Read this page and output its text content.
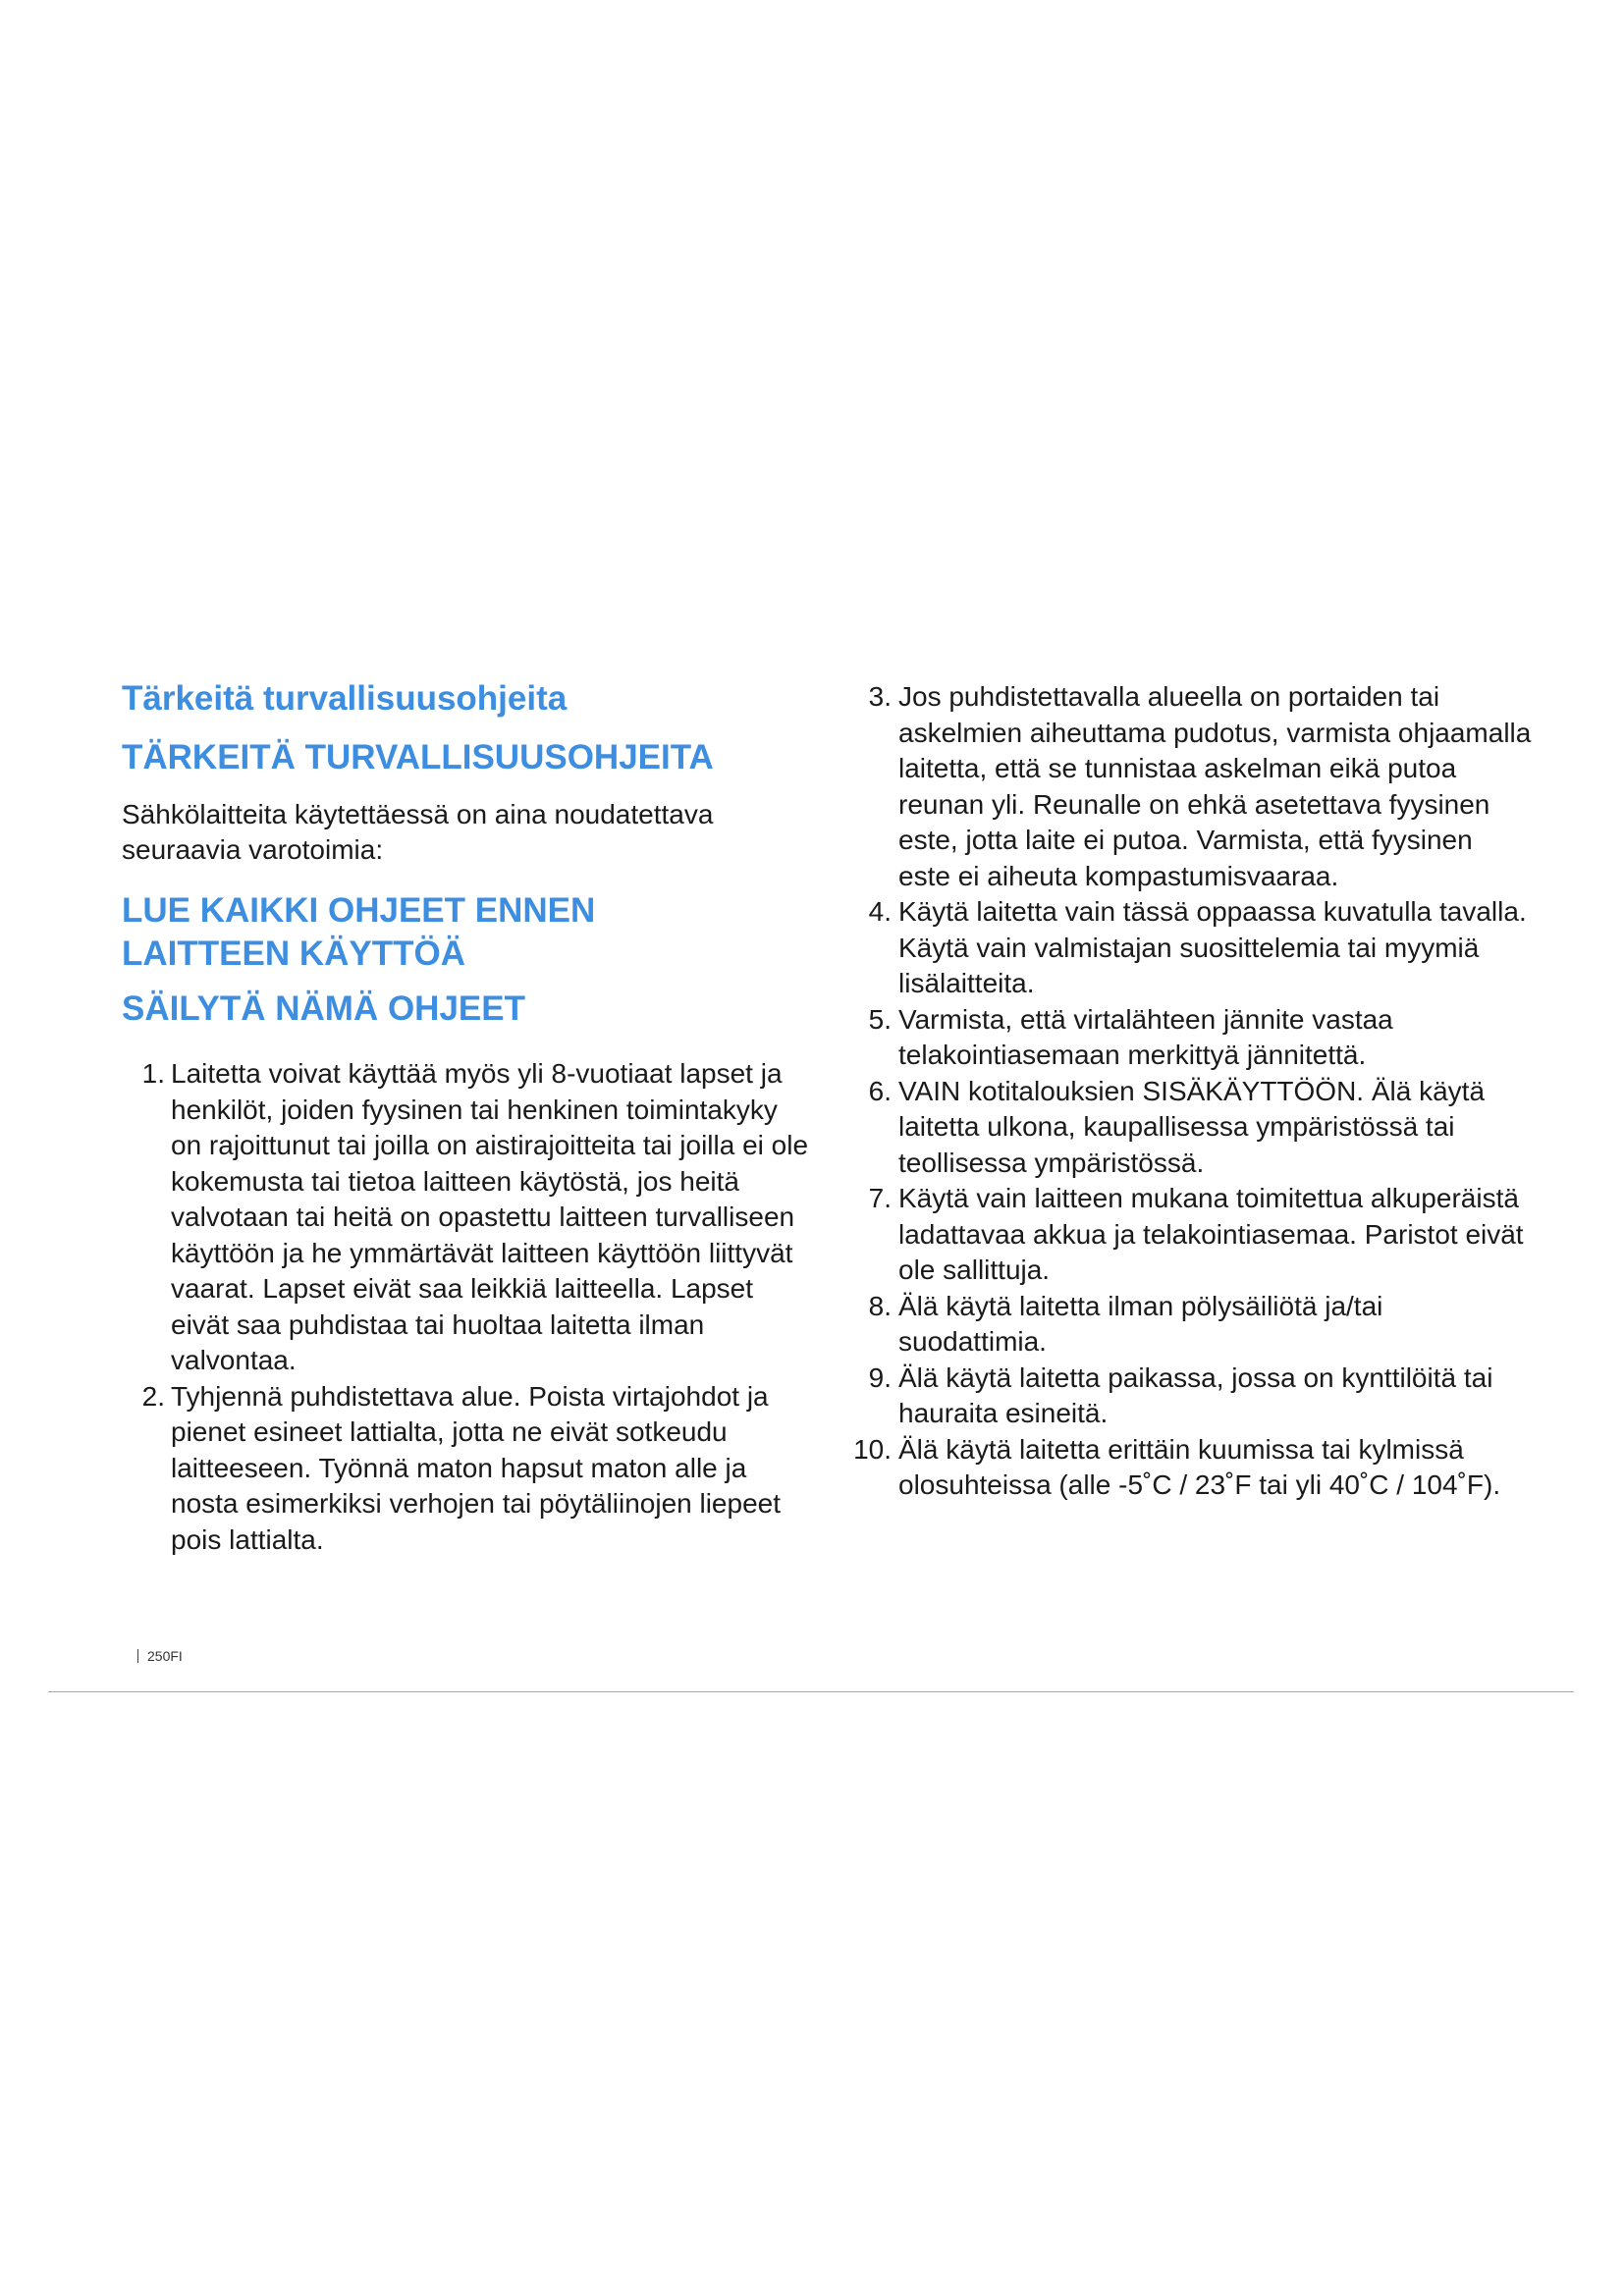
Tärkeitä turvallisuusohjeita
TÄRKEITÄ TURVALLISUUSOHJEITA

Sähkölaitteita käytettäessä on aina noudatettava seuraavia varotoimia:

LUE KAIKKI OHJEET ENNEN
LAITTEEN KÄYTTÖÄ
SÄILYTÄ NÄMÄ OHJEET
1. Laitetta voivat käyttää myös yli 8-vuotiaat lapset ja henkilöt, joiden fyysinen tai henkinen toimintakyky on rajoittunut tai joilla on aistirajoitteita tai joilla ei ole kokemusta tai tietoa laitteen käytöstä, jos heitä valvotaan tai heitä on opastettu laitteen turvalliseen käyttöön ja he ymmärtävät laitteen käyttöön liittyvät vaarat. Lapset eivät saa leikkiä laitteella. Lapset eivät saa puhdistaa tai huoltaa laitetta ilman valvontaa.
2. Tyhjennä puhdistettava alue. Poista virtajohdot ja pienet esineet lattialta, jotta ne eivät sotkeudu laitteeseen. Työnnä maton hapsut maton alle ja nosta esimerkiksi verhojen tai pöytäliinojen liepeet pois lattialta.
3. Jos puhdistettavalla alueella on portaiden tai askelmien aiheuttama pudotus, varmista ohjaamalla laitetta, että se tunnistaa askelman eikä putoa reunan yli. Reunalle on ehkä asetettava fyysinen este, jotta laite ei putoa. Varmista, että fyysinen este ei aiheuta kompastumisvaaraa.
4. Käytä laitetta vain tässä oppaassa kuvatulla tavalla. Käytä vain valmistajan suosittelemia tai myymiä lisälaitteita.
5. Varmista, että virtalähteen jännite vastaa telakointiasemaan merkittyä jännitettä.
6. VAIN kotitalouksien SISÄKÄYTTÖÖN. Älä käytä laitetta ulkona, kaupallisessa ympäristössä tai teollisessa ympäristössä.
7. Käytä vain laitteen mukana toimitettua alkuperäistä ladattavaa akkua ja telakointiasemaa. Paristot eivät ole sallittuja.
8. Älä käytä laitetta ilman pölysäiliötä ja/tai suodattimia.
9. Älä käytä laitetta paikassa, jossa on kynttilöitä tai hauraita esineitä.
10. Älä käytä laitetta erittäin kuumissa tai kylmissä olosuhteissa (alle -5˚C / 23˚F tai yli 40˚C / 104˚F).
250FI
